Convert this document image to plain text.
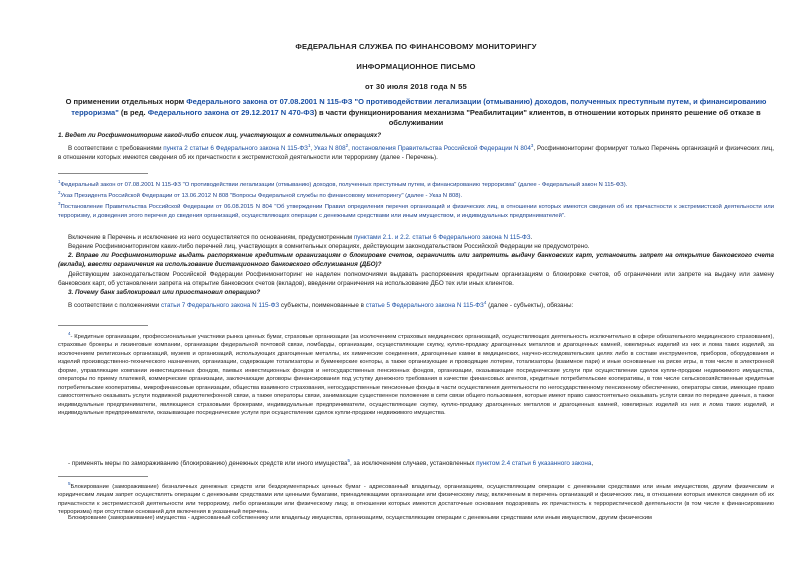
ФЕДЕРАЛЬНАЯ СЛУЖБА ПО ФИНАНСОВОМУ МОНИТОРИНГУ
ИНФОРМАЦИОННОЕ ПИСЬМО
от 30 июля 2018 года N 55
О применении отдельных норм Федерального закона от 07.08.2001 N 115-ФЗ "О противодействии легализации (отмыванию) доходов, полученных преступным путем, и финансированию терроризма" (в ред. Федерального закона от 29.12.2017 N 470-ФЗ) в части функционирования механизма "Реабилитации" клиентов, в отношении которых принято решение об отказе в обслуживании
1. Ведет ли Росфинмониторинг какой-либо список лиц, участвующих в сомнительных операциях?

В соответствии с требованиями пункта 2 статьи 6 Федерального закона N 115-ФЗ$^1$, Указ N 808$^2$, постановления Правительства Российской Федерации N 804$^3$, Росфинмониторинг формирует только Перечень организаций и физических лиц, в отношении которых имеются сведения об их причастности к экстремистской деятельности или терроризму (далее - Перечень).

$^1$Федеральный закон от 07.08.2001 N 115-ФЗ "О противодействии легализации (отмыванию) доходов, полученных преступным путем, и финансированию терроризма" (далее - Федеральный закон N 115-ФЗ).
$^2$Указ Президента Российской Федерации от 13.06.2012 N 808 "Вопросы Федеральной службы по финансовому мониторингу" (далее - Указ N 808).
$^3$Постановление Правительства Российской Федерации от 06.08.2015 N 804 "Об утверждении Правил определения перечня организаций и физических лиц, в отношении которых имеются сведения об их причастности к экстремистской деятельности или терроризму, и доведения этого перечня до сведения организаций, осуществляющих операции с денежными средствами или иным имуществом, и индивидуальных предпринимателей".

Включение в Перечень и исключение из него осуществляется по основаниям, предусмотренным пунктами 2.1. и 2.2. статьи 6 Федерального закона N 115-ФЗ.

Ведение Росфинмониторингом каких-либо перечней лиц, участвующих в сомнительных операциях, действующим законодательством Российской Федерации не предусмотрено.

2. Вправе ли Росфинмониторинг выдать распоряжение кредитным организациям о блокировке счетов, ограничить или запретить выдачу банковских карт, установить запрет на открытие банковского счета (вклада), ввести ограничения на использование дистанционного банковского обслуживания (ДБО)?

Действующим законодательством Российской Федерации Росфинмониторинг не наделен полномочиями выдавать распоряжения кредитным организациям о блокировке счетов, об ограничении или запрете на выдачу или замену банковских карт, об установлении запрета на открытие банковских счетов (вкладов), введении ограничения на использование ДБО тех или иных клиентов.

3. Почему банк заблокировал или приостановил операцию?

В соответствии с положениями статьи 7 Федерального закона N 115-ФЗ субъекты, поименованные в статье 5 Федерального закона N 115-ФЗ$^4$ (далее - субъекты), обязаны:

$^4$- Кредитные организации, профессиональные участники рынка ценных бумаг, страховые организации (за исключением страховых медицинских организаций, осуществляющих деятельность исключительно в сфере обязательного медицинского страхования), страховые брокеры и лизинговые компании, организации федеральной почтовой связи, ломбарды, организации, осуществляющие скупку, куплю-продажу драгоценных металлов и драгоценных камней, ювелирных изделий из них и лома таких изделий, за исключением религиозных организаций, музеев и организаций, использующих драгоценные металлы, их химические соединения, драгоценные камни в медицинских, научно-исследовательских целях либо в составе инструментов, приборов, оборудования и изделий производственно-технического назначения, организации, содержащие тотализаторы и букмекерские конторы, а также организующие и проводящие лотереи, тотализаторы (взаимное пари) и иные основанные на риске игры, в том числе в электронной форме, управляющие компании инвестиционных фондов, паевых инвестиционных фондов и негосударственных пенсионных фондов, организации, оказывающие посреднические услуги при осуществлении сделок купли-продажи недвижимого имущества, операторы по приему платежей, коммерческие организации, заключающие договоры финансирования под уступку денежного требования в качестве финансовых агентов, кредитные потребительские кооперативы, в том числе сельскохозяйственные кредитные потребительские кооперативы, микрофинансовые организации, общества взаимного страхования, негосударственные пенсионные фонды в части осуществления деятельности по негосударственному пенсионному обеспечению, операторы связи, имеющие право самостоятельно оказывать услуги подвижной радиотелефонной связи, а также операторы связи, занимающие существенное положение в сети связи общего пользования, которые имеют право самостоятельно оказывать услуги связи по передаче данных, а также индивидуальные предприниматели, являющиеся страховыми брокерами, индивидуальные предприниматели, осуществляющие скупку, куплю-продажу драгоценных металлов и драгоценных камней, ювелирных изделий из них и лома таких изделий, и индивидуальные предприниматели, оказывающие посреднические услуги при осуществлении сделок купли-продажи недвижимого имущества.

- применять меры по замораживанию (блокированию) денежных средств или иного имущества$^5$, за исключением случаев, установленных пунктом 2.4 статьи 6 указанного закона,

$^5$Блокирование (замораживание) безналичных денежных средств или бездокументарных ценных бумаг - адресованный владельцу, организациям, осуществляющим операции с денежными средствами или иным имуществом, другим физическим и юридическим лицам запрет осуществлять операции с денежными средствами или ценными бумагами, принадлежащими организации или физическому лицу, включенным в перечень организаций и физических лиц, в отношении которых имеются сведения об их причастности к экстремистской деятельности или терроризму, либо организации или физическому лицу, в отношении которых имеются достаточные основания подозревать их причастность к террористической деятельности (в том числе к финансированию терроризма) при отсутствии оснований для включения в указанный перечень.
Блокирование (замораживание) имущества - адресованный собственнику или владельцу имущества, организациям, осуществляющим операции с денежными средствами или иным имуществом, другим физическим
